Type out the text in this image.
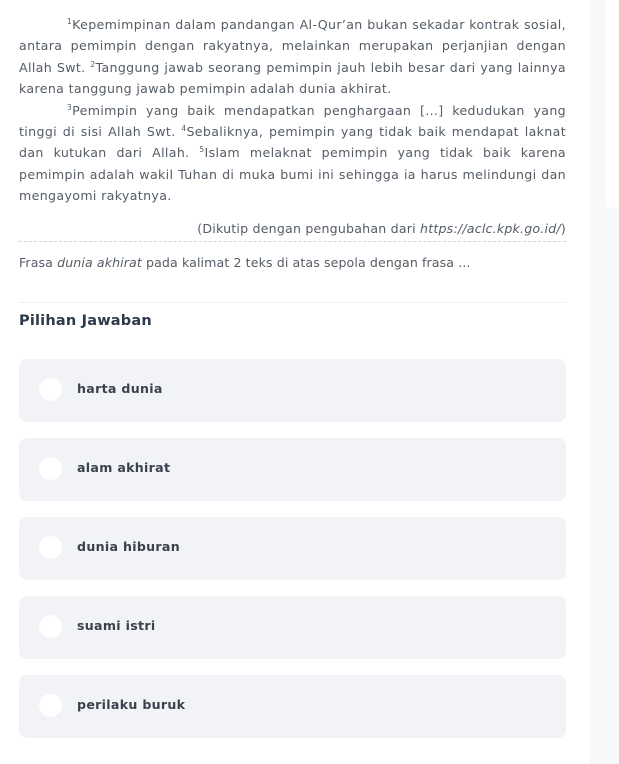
$^1$Kepemimpinan dalam pandangan Al-Qur’an bukan sekadar kontrak sosial, antara pemimpin dengan rakyatnya, melainkan merupakan perjanjian dengan Allah Swt. $^2$Tanggung jawab seorang pemimpin jauh lebih besar dari yang lainnya karena tanggung jawab pemimpin adalah dunia akhirat.

$^3$Pemimpin yang baik mendapatkan penghargaan [...] kedudukan yang tinggi di sisi Allah Swt. $^4$Sebaliknya, pemimpin yang tidak baik mendapat laknat dan kutukan dari Allah. $^5$Islam melaknat pemimpin yang tidak baik karena pemimpin adalah wakil Tuhan di muka bumi ini sehingga ia harus melindungi dan mengayomi rakyatnya.

(Dikutip dengan pengubahan dari https://aclc.kpk.go.id/)
Frasa dunia akhirat pada kalimat 2 teks di atas sepola dengan frasa ...
Pilihan Jawaban
harta dunia
alam akhirat
dunia hiburan
suami istri
perilaku buruk
